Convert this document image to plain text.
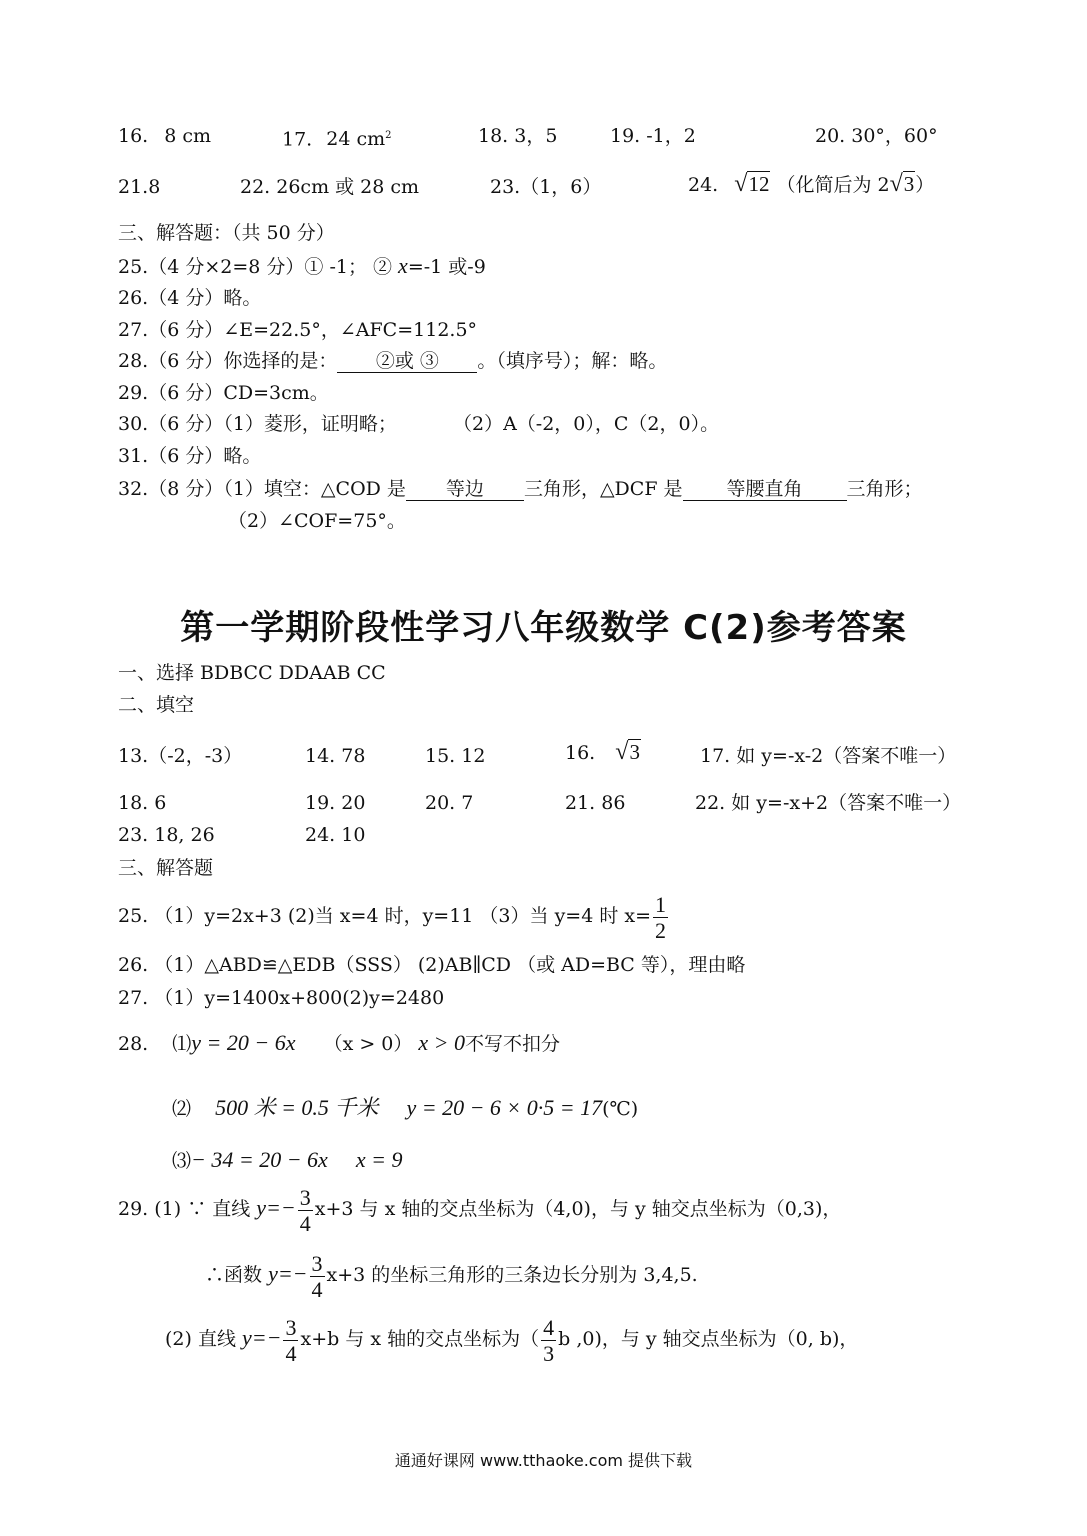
16. 8 cm	17. 24 $cm^2$	18. 3，5	19. -1，2	20. 30°，60°
21.8	22. 26cm 或 28 cm	23.（1，6）	24. √12 （化简后为 2√3）
三、解答题：（共 50 分）
25.（4 分×2=8 分）① -1； ② x=-1 或-9
26.（4 分）略。
27.（6 分）∠E=22.5°，∠AFC=112.5°
28.（6 分）你选择的是： ②或 ③ 。（填序号）；解：略。
29.（6 分）CD=3cm。
30.（6 分）（1）菱形，证明略；	（2）A（-2，0），C（2，0）。
31.（6 分）略。
32.（8 分）（1）填空：△COD 是 等边 三角形，△DCF 是 等腰直角 三角形；
（2）∠COF=75°。
第一学期阶段性学习八年级数学 C(2)参考答案
一、选择 BDBCC DDAAB CC
二、填空
13.（-2，-3）	14. 78	15. 12	16. √3	17. 如 y=-x-2（答案不唯一）
18. 6	19. 20	20. 7	21. 86	22. 如 y=-x+2（答案不唯一）
23. 18, 26	24. 10
三、解答题
25. （1）y=2x+3 (2)当 x=4 时，y=11 （3）当 y=4 时 $x= \frac{1}{2}$
26. （1）△ABD≌△EDB（SSS） (2)AB∥CD （或 AD=BC 等），理由略
27. （1）y=1400x+800(2)y=2480
28. ⑴y = 20 − 6x （x > 0） x > 0不写不扣分
⑵ 500 米 = 0.5 千米 y = 20 − 6 × 0·5 = 17(℃)
⑶− 34 = 20 − 6x x = 9
29. (1) ∵ 直线 $y=- \frac{3}{4} x+3$ 与 x 轴的交点坐标为（4,0)，与 y 轴交点坐标为（0,3)，
∴函数 $y=- \frac{3}{4} x+3$ 的坐标三角形的三条边长分别为 3,4,5.
(2) 直线 $y=- \frac{3}{4} x+b$ 与 x 轴的交点坐标为（ $\frac{4}{3}$ b ,0)，与 y 轴交点坐标为（0, b)，
通通好课网 www.tthaoke.com 提供下载
